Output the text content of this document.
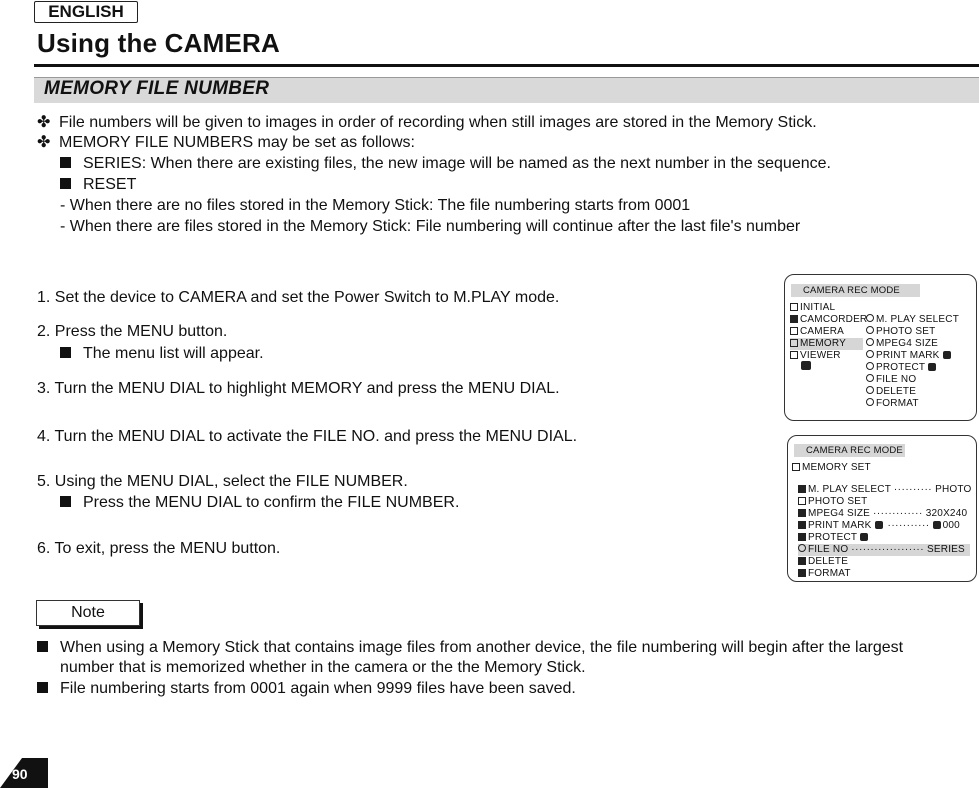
ENGLISH
Using the CAMERA
MEMORY FILE NUMBER
✤ File numbers will be given to images in order of recording when still images are stored in the Memory Stick.
✤ MEMORY FILE NUMBERS may be set as follows:
SERIES: When there are existing files, the new image will be named as the next number in the sequence.
RESET
- When there are no files stored in the Memory Stick: The file numbering starts from 0001
- When there are files stored in the Memory Stick: File numbering will continue after the last file's number
1. Set the device to CAMERA and set the Power Switch to M.PLAY mode.
2. Press the MENU button.
The menu list will appear.
3. Turn the MENU DIAL to highlight MEMORY and press the MENU DIAL.
4. Turn the MENU DIAL to activate the FILE NO. and press the MENU DIAL.
5. Using the MENU DIAL, select the FILE NUMBER.
Press the MENU DIAL to confirm the FILE NUMBER.
6. To exit, press the MENU button.
CAMERA REC MODE
INITIAL
CAMCORDER
CAMERA
MEMORY
VIEWER
M. PLAY SELECT
PHOTO SET
MPEG4 SIZE
PRINT MARK
PROTECT
FILE NO
DELETE
FORMAT
CAMERA REC MODE
MEMORY SET
M. PLAY SELECT ·········· PHOTO
PHOTO SET
MPEG4 SIZE ············· 320X240
PRINT MARK ··········· 000
PROTECT
FILE NO ··················· SERIES
DELETE
FORMAT
Note
When using a Memory Stick that contains image files from another device, the file numbering will begin after the largest
number that is memorized whether in the camera or the the Memory Stick.
File numbering starts from 0001 again when 9999 files have been saved.
90
